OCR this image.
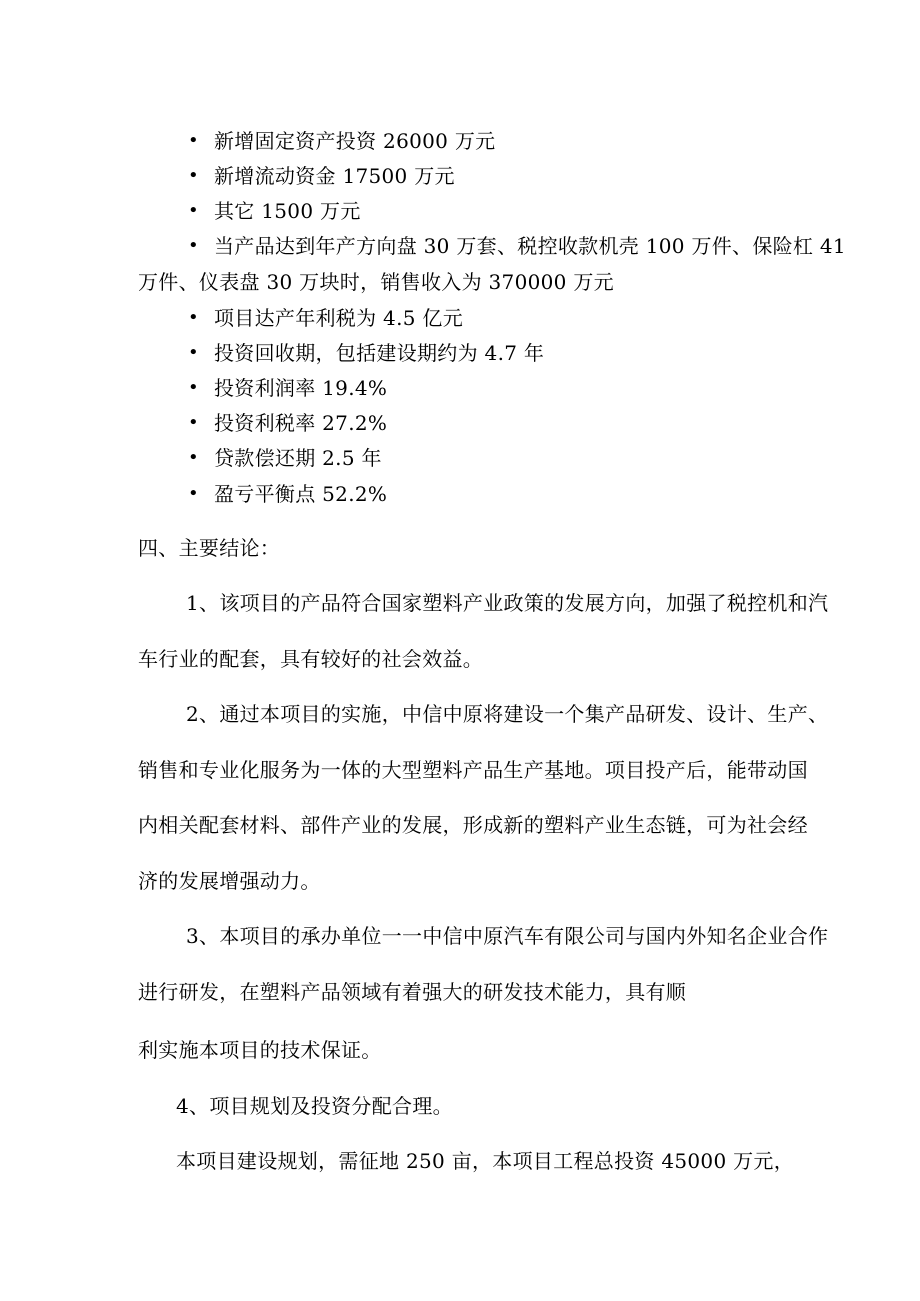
• 新增固定资产投资 26000 万元
• 新增流动资金 17500 万元
• 其它 1500 万元
• 当产品达到年产方向盘 30 万套、税控收款机壳 100 万件、保险杠 41
万件、仪表盘 30 万块时，销售收入为 370000 万元
• 项目达产年利税为 4.5 亿元
• 投资回收期，包括建设期约为 4.7 年
• 投资利润率 19.4%
• 投资利税率 27.2%
• 贷款偿还期 2.5 年
• 盈亏平衡点 52.2%
四、主要结论：
1、该项目的产品符合国家塑料产业政策的发展方向，加强了税控机和汽
车行业的配套，具有较好的社会效益。
2、通过本项目的实施，中信中原将建设一个集产品研发、设计、生产、
销售和专业化服务为一体的大型塑料产品生产基地。项目投产后，能带动国
内相关配套材料、部件产业的发展，形成新的塑料产业生态链，可为社会经
济的发展增强动力。
3、本项目的承办单位一一中信中原汽车有限公司与国内外知名企业合作
进行研发，在塑料产品领域有着强大的研发技术能力，具有顺
利实施本项目的技术保证。
4、项目规划及投资分配合理。
本项目建设规划，需征地 250 亩，本项目工程总投资 45000 万元，
